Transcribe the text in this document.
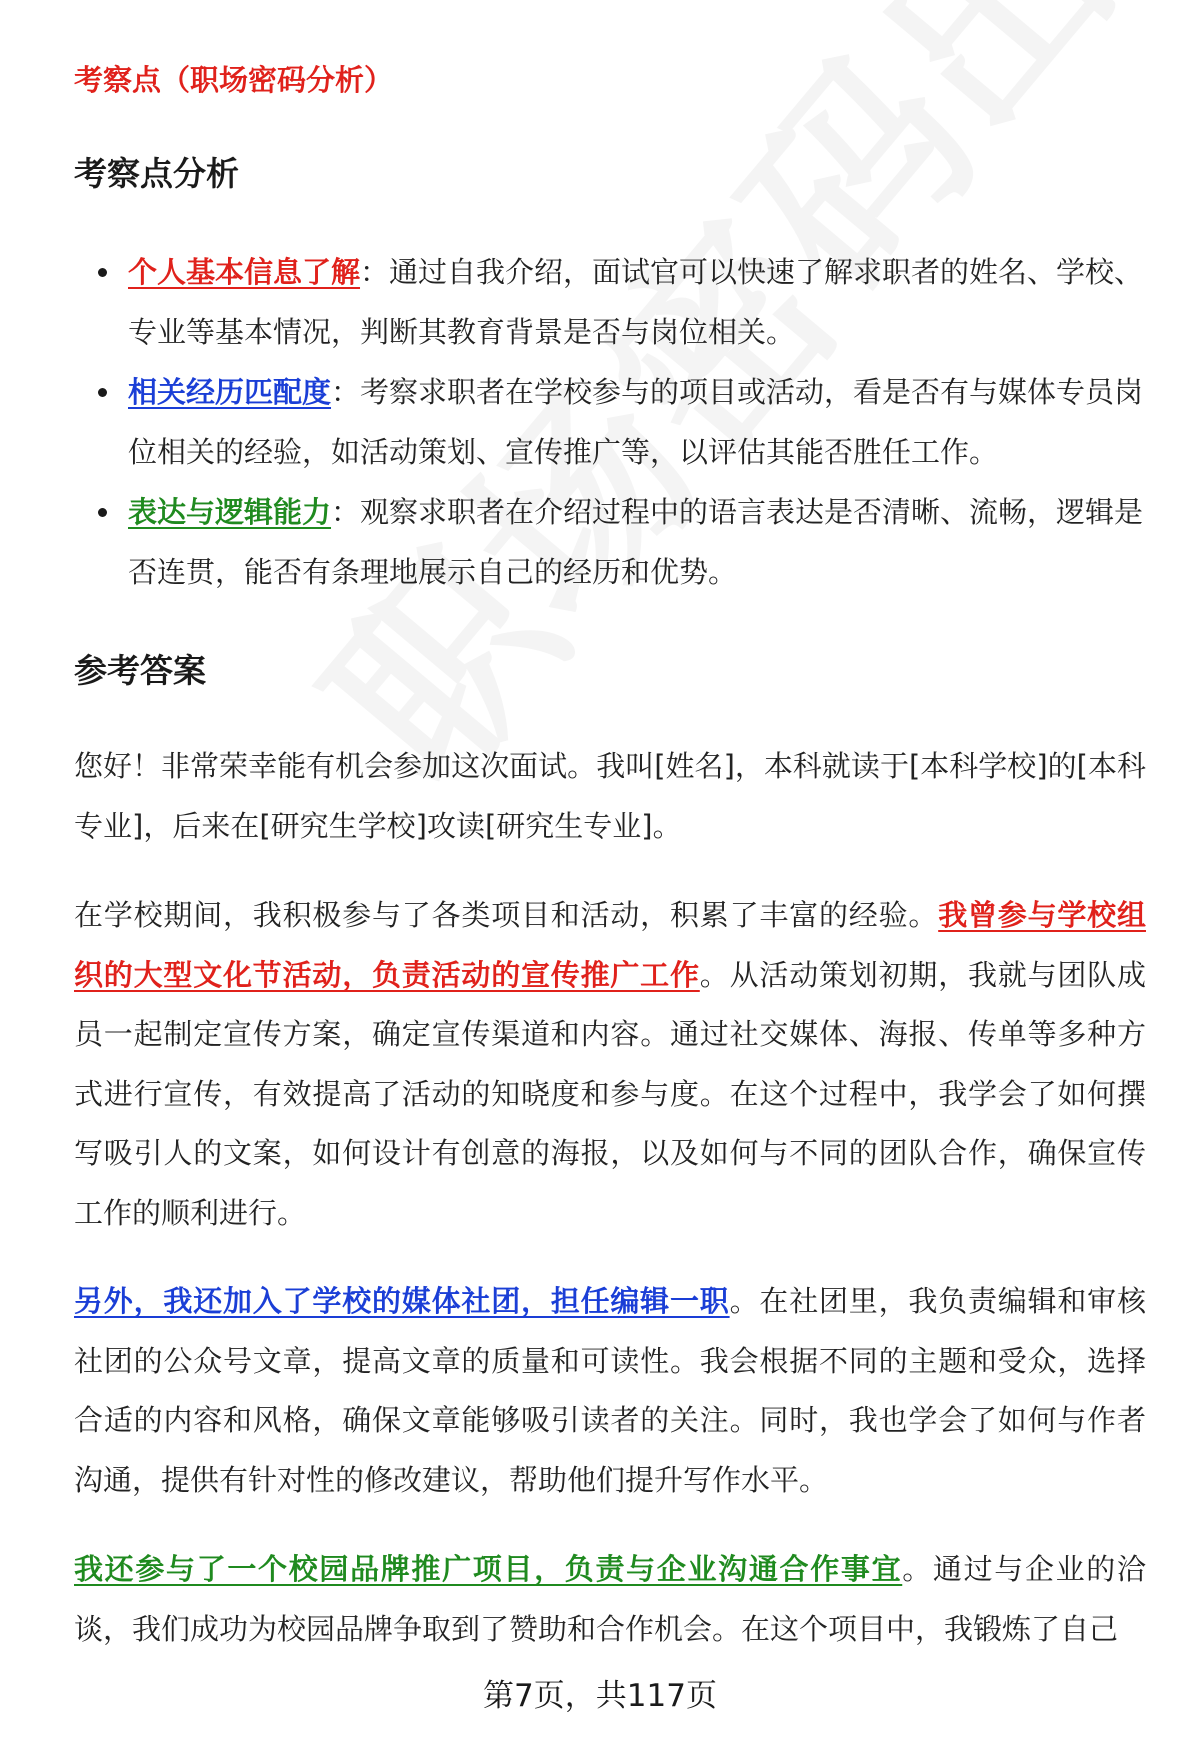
考察点（职场密码分析）
考察点分析
个人基本信息了解：通过自我介绍，面试官可以快速了解求职者的姓名、学校、专业等基本情况，判断其教育背景是否与岗位相关。
相关经历匹配度：考察求职者在学校参与的项目或活动，看是否有与媒体专员岗位相关的经验，如活动策划、宣传推广等，以评估其能否胜任工作。
表达与逻辑能力：观察求职者在介绍过程中的语言表达是否清晰、流畅，逻辑是否连贯，能否有条理地展示自己的经历和优势。
参考答案

您好！非常荣幸能有机会参加这次面试。我叫[姓名]，本科就读于[本科学校]的[本科专业]，后来在[研究生学校]攻读[研究生专业]。

在学校期间，我积极参与了各类项目和活动，积累了丰富的经验。我曾参与学校组织的大型文化节活动，负责活动的宣传推广工作。从活动策划初期，我就与团队成员一起制定宣传方案，确定宣传渠道和内容。通过社交媒体、海报、传单等多种方式进行宣传，有效提高了活动的知晓度和参与度。在这个过程中，我学会了如何撰写吸引人的文案，如何设计有创意的海报，以及如何与不同的团队合作，确保宣传工作的顺利进行。

另外，我还加入了学校的媒体社团，担任编辑一职。在社团里，我负责编辑和审核社团的公众号文章，提高文章的质量和可读性。我会根据不同的主题和受众，选择合适的内容和风格，确保文章能够吸引读者的关注。同时，我也学会了如何与作者沟通，提供有针对性的修改建议，帮助他们提升写作水平。

我还参与了一个校园品牌推广项目，负责与企业沟通合作事宜。通过与企业的洽谈，我们成功为校园品牌争取到了赞助和合作机会。在这个项目中，我锻炼了自己

第7页，共117页
